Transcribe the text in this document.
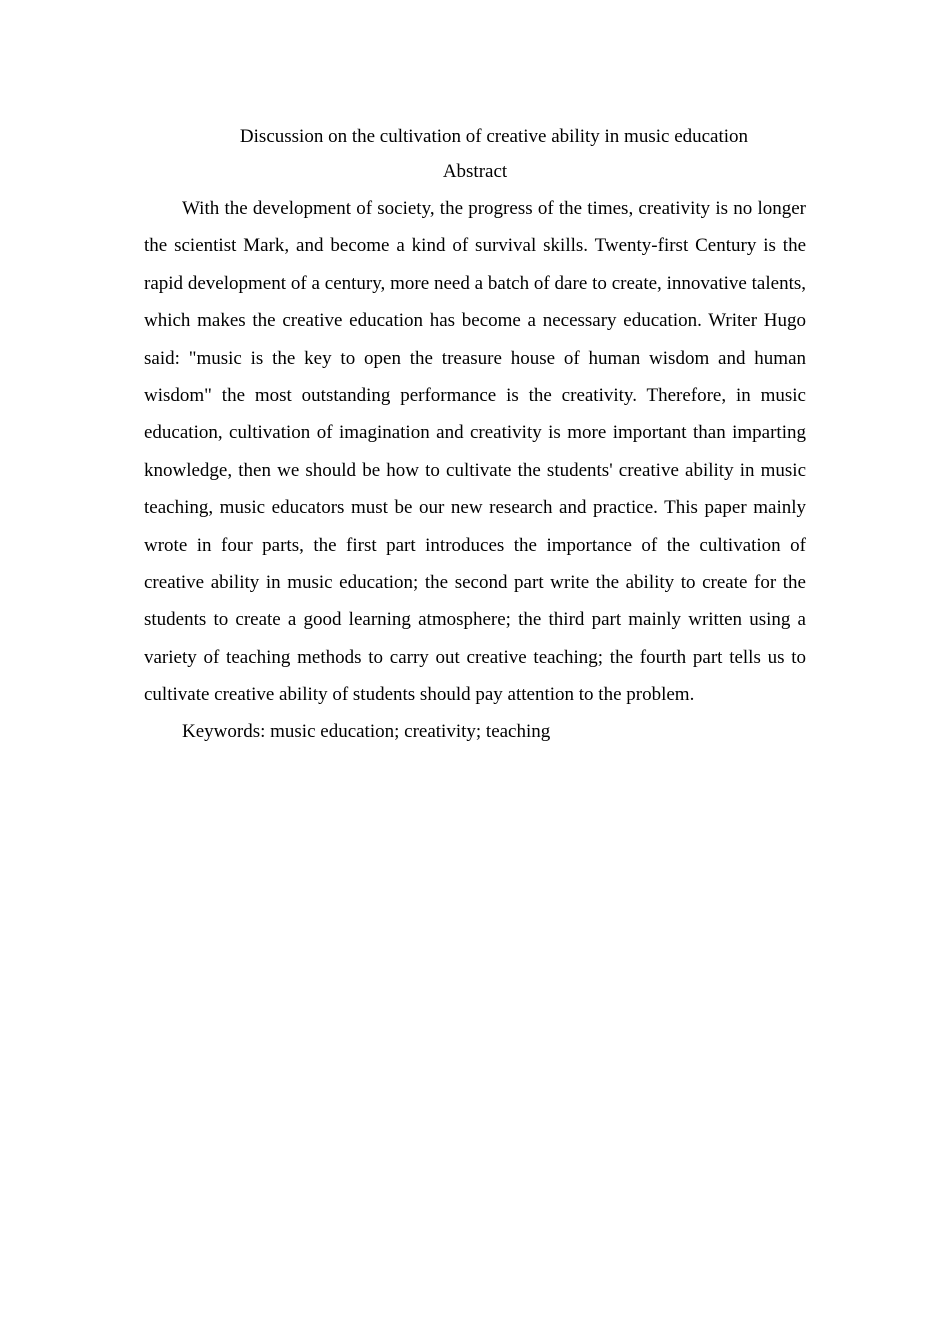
Discussion on the cultivation of creative ability in music education

Abstract

With the development of society, the progress of the times, creativity is no longer the scientist Mark, and become a kind of survival skills. Twenty-first Century is the rapid development of a century, more need a batch of dare to create, innovative talents, which makes the creative education has become a necessary education. Writer Hugo said: "music is the key to open the treasure house of human wisdom and human wisdom" the most outstanding performance is the creativity. Therefore, in music education, cultivation of imagination and creativity is more important than imparting knowledge, then we should be how to cultivate the students' creative ability in music teaching, music educators must be our new research and practice. This paper mainly wrote in four parts, the first part introduces the importance of the cultivation of creative ability in music education; the second part write the ability to create for the students to create a good learning atmosphere; the third part mainly written using a variety of teaching methods to carry out creative teaching; the fourth part tells us to cultivate creative ability of students should pay attention to the problem.

Keywords: music education; creativity; teaching
